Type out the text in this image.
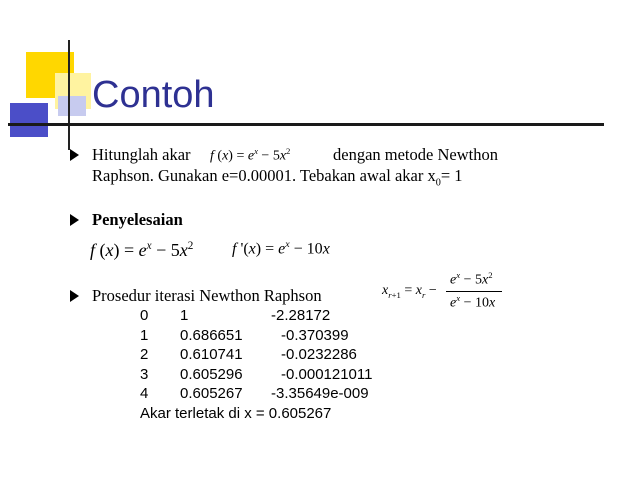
Contoh
Hitunglah akar f $(x) = e^x - 5x^2$	dengan metode Newthon
Raphson. Gunakan e=0.00001. Tebakan awal akar $x_0= 1$
Penyelesaian
f $(x) = e^x - 5x^2$ f '$(x) = e^x - 10x$
Prosedur iterasi Newthon Raphson	$x_{r+1} = x_r$ −
$e^x - 5x^2$
$e^x - 10x$
0 1	-2.28172
1 0.686651	-0.370399
2 0.610741	-0.0232286
3 0.605296	-0.000121011
4 0.605267 -3.35649e-009
Akar terletak di x = 0.605267
